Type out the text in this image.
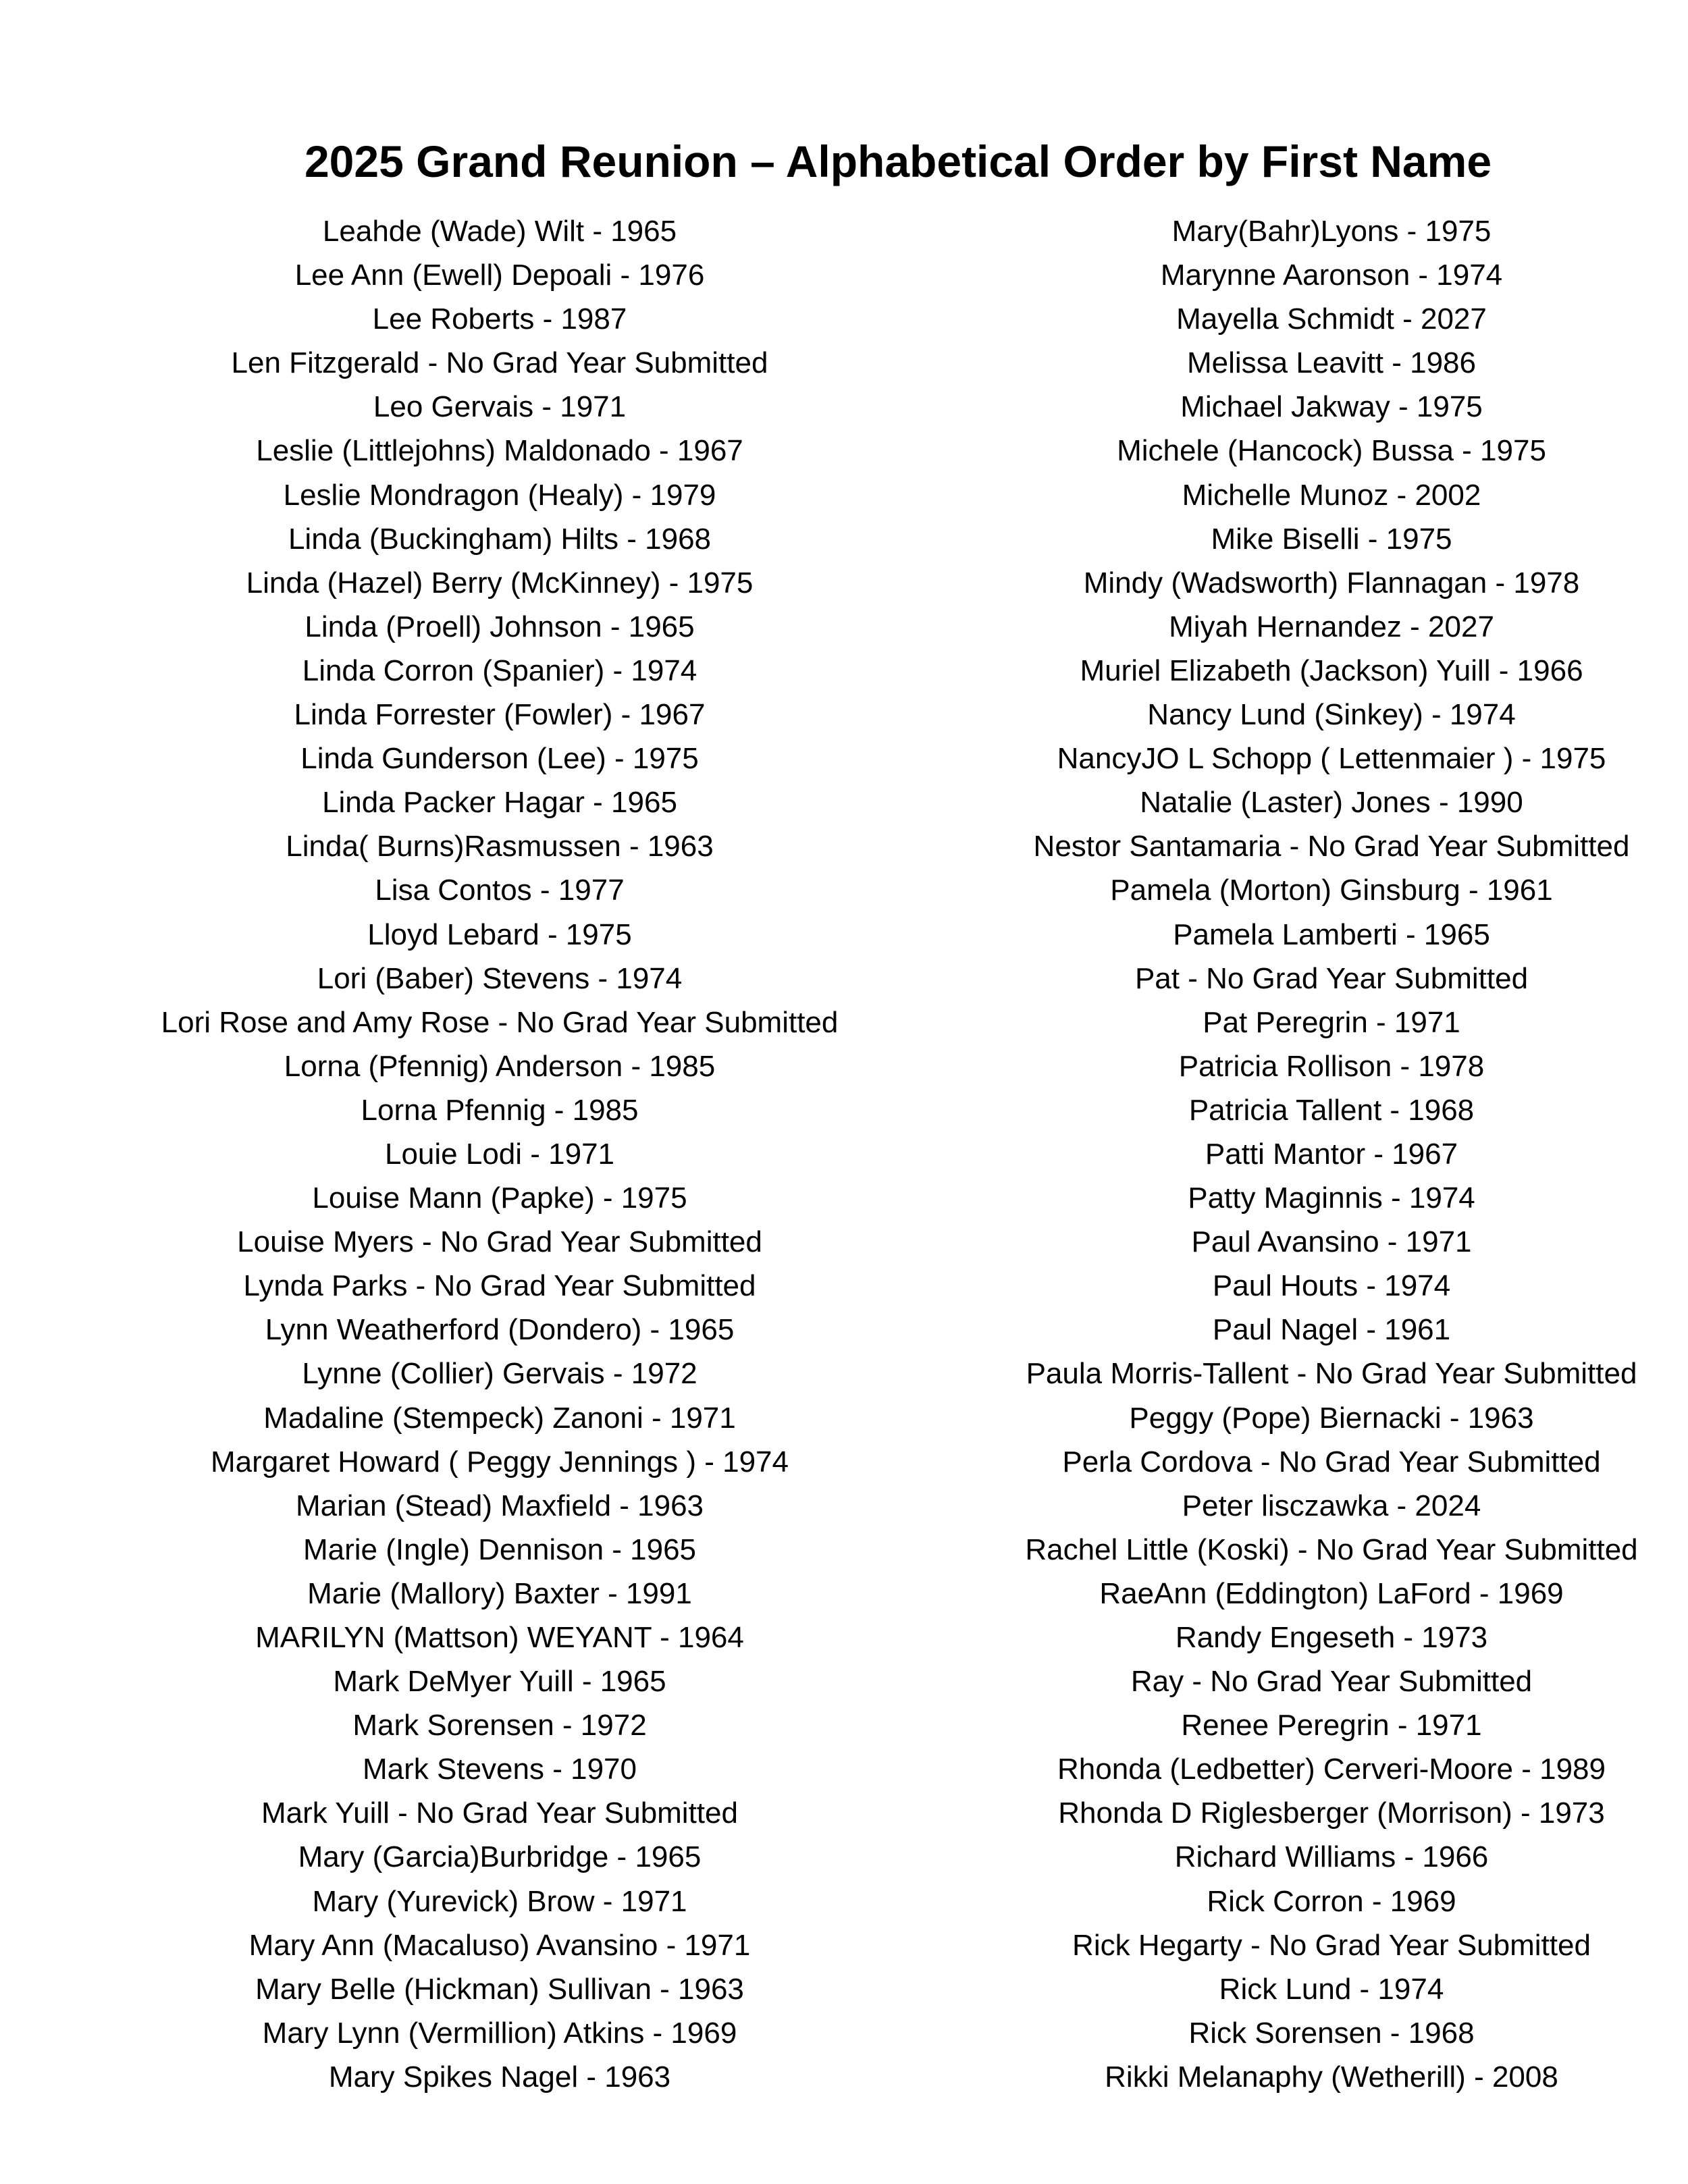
2025 Grand Reunion – Alphabetical Order by First Name
Leahde (Wade) Wilt - 1965
Lee Ann (Ewell) Depoali - 1976
Lee Roberts - 1987
Len Fitzgerald - No Grad Year Submitted
Leo Gervais - 1971
Leslie (Littlejohns) Maldonado - 1967
Leslie Mondragon (Healy) - 1979
Linda (Buckingham) Hilts - 1968
Linda (Hazel) Berry (McKinney) - 1975
Linda (Proell) Johnson - 1965
Linda Corron (Spanier) - 1974
Linda Forrester (Fowler) - 1967
Linda Gunderson (Lee) - 1975
Linda Packer Hagar - 1965
Linda( Burns)Rasmussen - 1963
Lisa Contos - 1977
Lloyd Lebard - 1975
Lori (Baber) Stevens - 1974
Lori Rose and Amy Rose - No Grad Year Submitted
Lorna (Pfennig) Anderson - 1985
Lorna Pfennig - 1985
Louie Lodi - 1971
Louise Mann (Papke) - 1975
Louise Myers - No Grad Year Submitted
Lynda Parks - No Grad Year Submitted
Lynn Weatherford (Dondero) - 1965
Lynne (Collier) Gervais - 1972
Madaline (Stempeck) Zanoni - 1971
Margaret Howard ( Peggy Jennings ) - 1974
Marian (Stead) Maxfield - 1963
Marie (Ingle) Dennison - 1965
Marie (Mallory) Baxter - 1991
MARILYN (Mattson) WEYANT - 1964
Mark DeMyer Yuill - 1965
Mark Sorensen - 1972
Mark Stevens - 1970
Mark Yuill - No Grad Year Submitted
Mary (Garcia)Burbridge - 1965
Mary (Yurevick) Brow - 1971
Mary Ann (Macaluso) Avansino - 1971
Mary Belle (Hickman) Sullivan - 1963
Mary Lynn (Vermillion) Atkins - 1969
Mary Spikes Nagel - 1963
Mary(Bahr)Lyons - 1975
Marynne Aaronson - 1974
Mayella Schmidt - 2027
Melissa Leavitt - 1986
Michael Jakway - 1975
Michele (Hancock) Bussa - 1975
Michelle Munoz - 2002
Mike Biselli - 1975
Mindy (Wadsworth) Flannagan - 1978
Miyah Hernandez - 2027
Muriel Elizabeth (Jackson) Yuill - 1966
Nancy Lund (Sinkey) - 1974
NancyJO L Schopp ( Lettenmaier ) - 1975
Natalie (Laster) Jones - 1990
Nestor Santamaria - No Grad Year Submitted
Pamela (Morton) Ginsburg - 1961
Pamela Lamberti - 1965
Pat - No Grad Year Submitted
Pat Peregrin - 1971
Patricia Rollison - 1978
Patricia Tallent - 1968
Patti Mantor - 1967
Patty Maginnis - 1974
Paul Avansino - 1971
Paul Houts - 1974
Paul Nagel - 1961
Paula Morris-Tallent - No Grad Year Submitted
Peggy (Pope) Biernacki - 1963
Perla Cordova - No Grad Year Submitted
Peter lisczawka - 2024
Rachel Little (Koski) - No Grad Year Submitted
RaeAnn (Eddington) LaFord - 1969
Randy Engeseth - 1973
Ray - No Grad Year Submitted
Renee Peregrin - 1971
Rhonda (Ledbetter) Cerveri-Moore - 1989
Rhonda D Riglesberger (Morrison) - 1973
Richard Williams - 1966
Rick Corron - 1969
Rick Hegarty - No Grad Year Submitted
Rick Lund - 1974
Rick Sorensen - 1968
Rikki Melanaphy (Wetherill) - 2008
